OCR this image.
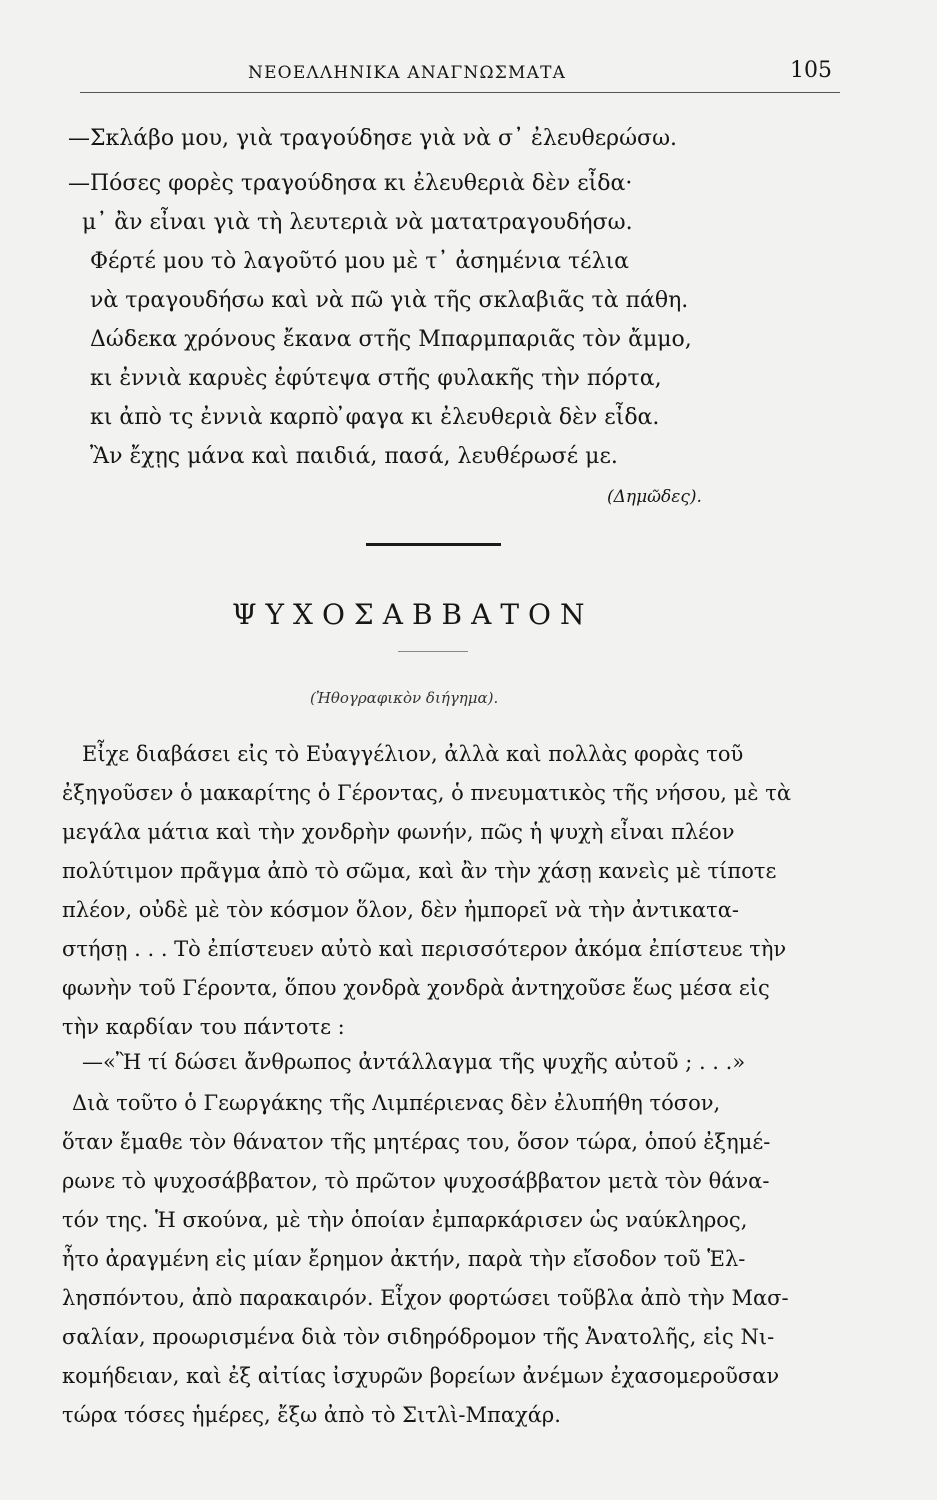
ΝΕΟΕΛΛΗΝΙΚΑ ΑΝΑΓΝΩΣΜΑΤΑ	105
—Σκλάβο μου, γιὰ τραγούδησε γιὰ νὰ σ᾽ ἐλευθερώσω.
—Πόσες φορὲς τραγούδησα κι ἐλευθεριὰ δὲν εἶδα·
μ᾽ ἂν εἶναι γιὰ τὴ λευτεριὰ νὰ ματατραγουδήσω.
Φέρτέ μου τὸ λαγοῦτό μου μὲ τ᾽ ἀσημένια τέλια
νὰ τραγουδήσω καὶ νὰ πῶ γιὰ τῆς σκλαβιᾶς τὰ πάθη.
Δώδεκα χρόνους ἔκανα στῆς Μπαρμπαριᾶς τὸν ἄμμο,
κι ἐννιὰ καρυὲς ἐφύτεψα στῆς φυλακῆς τὴν πόρτα,
κι ἀπὸ τς ἐννιὰ καρπὸ ̓φαγα κι ἐλευθεριὰ δὲν εἶδα.
Ἂν ἔχῃς μάνα καὶ παιδιά, πασά, λευθέρωσέ με.
(Δημῶδες).
ΨΥΧΟΣΑΒΒΑΤΟΝ
(Ἠθογραφικὸν διήγημα).
Εἶχε διαβάσει εἰς τὸ Εὐαγγέλιον, ἀλλὰ καὶ πολλὰς φορὰς τοῦ
ἐξηγοῦσεν ὁ μακαρίτης ὁ Γέροντας, ὁ πνευματικὸς τῆς νήσου, μὲ τὰ
μεγάλα μάτια καὶ τὴν χονδρὴν φωνήν, πῶς ἡ ψυχὴ εἶναι πλέον
πολύτιμον πρᾶγμα ἀπὸ τὸ σῶμα, καὶ ἂν τὴν χάσῃ κανεὶς μὲ τίποτε
πλέον, οὐδὲ μὲ τὸν κόσμον ὅλον, δὲν ἠμπορεῖ νὰ τὴν ἀντικατα-
στήσῃ . . . Τὸ ἐπίστευεν αὐτὸ καὶ περισσότερον ἀκόμα ἐπίστευε τὴν
φωνὴν τοῦ Γέροντα, ὅπου χονδρὰ χονδρὰ ἀντηχοῦσε ἕως μέσα εἰς
τὴν καρδίαν του πάντοτε :
—«Ἢ τί δώσει ἄνθρωπος ἀντάλλαγμα τῆς ψυχῆς αὐτοῦ ; . . .»
Διὰ τοῦτο ὁ Γεωργάκης τῆς Λιμπέριενας δὲν ἐλυπήθη τόσον,
ὅταν ἔμαθε τὸν θάνατον τῆς μητέρας του, ὅσον τώρα, ὁπού ἐξημέ-
ρωνε τὸ ψυχοσάββατον, τὸ πρῶτον ψυχοσάββατον μετὰ τὸν θάνα-
τόν της. Ἡ σκούνα, μὲ τὴν ὁποίαν ἐμπαρκάρισεν ὡς ναύκληρος,
ἦτο ἀραγμένη εἰς μίαν ἔρημον ἀκτήν, παρὰ τὴν εἴσοδον τοῦ Ἑλ-
λησπόντου, ἀπὸ παρακαιρόν. Εἶχον φορτώσει τοῦβλα ἀπὸ τὴν Μασ-
σαλίαν, προωρισμένα διὰ τὸν σιδηρόδρομον τῆς Ἀνατολῆς, εἰς Νι-
κομήδειαν, καὶ ἐξ αἰτίας ἰσχυρῶν βορείων ἀνέμων ἐχασομεροῦσαν
τώρα τόσες ἡμέρες, ἔξω ἀπὸ τὸ Σιτλὶ-Μπαχάρ.
